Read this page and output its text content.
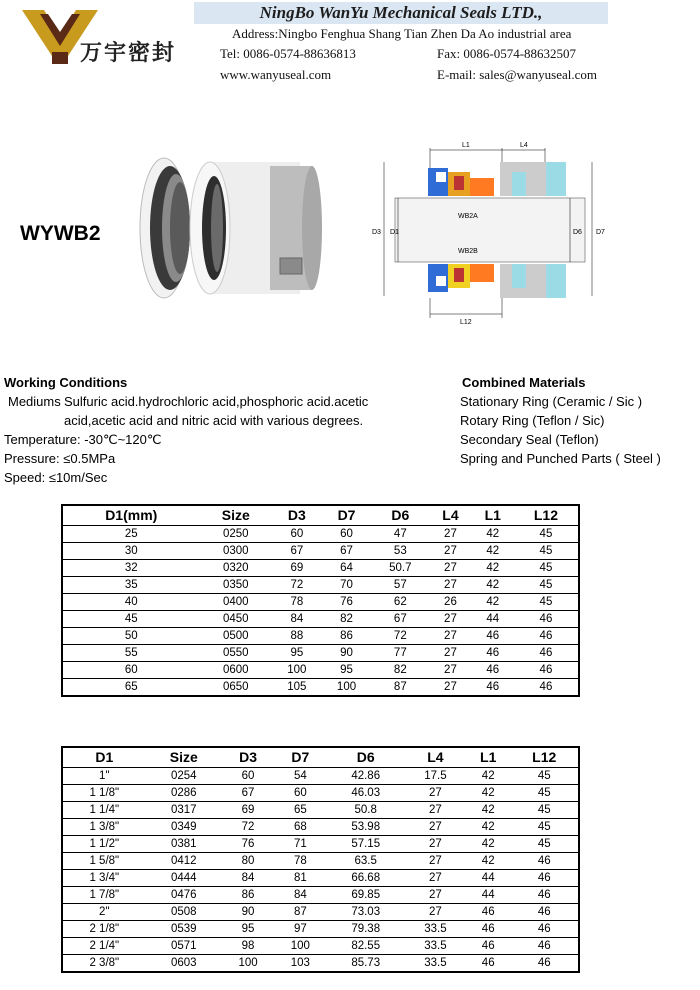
万宇密封
NingBo WanYu Mechanical Seals LTD.,
Address:Ningbo Fenghua Shang Tian Zhen Da Ao industrial area
Tel: 0086-0574-88636813	Fax: 0086-0574-88632507
www.wanyuseal.com	E-mail: sales@wanyuseal.com
WYWB2
L1	L4
WB2A
WB2B
D3 D1	D6 D7
L12
Working Conditions
Mediums Sulfuric acid.hydrochloric acid,phosphoric acid.acetic
acid,acetic acid and nitric acid with various degrees.
Temperature: -30℃~120℃
Pressure: ≤0.5MPa
Speed: ≤10m/Sec
Combined Materials
Stationary Ring (Ceramic / Sic )
Rotary Ring (Teflon / Sic)
Secondary Seal (Teflon)
Spring and Punched Parts ( Steel )
D1(mm)	Size	D3	D7	D6	L4	L1	L12
25	0250	60	60	47	27	42	45
30	0300	67	67	53	27	42	45
32	0320	69	64	50.7	27	42	45
35	0350	72	70	57	27	42	45
40	0400	78	76	62	26	42	45
45	0450	84	82	67	27	44	46
50	0500	88	86	72	27	46	46
55	0550	95	90	77	27	46	46
60	0600	100	95	82	27	46	46
65	0650	105	100	87	27	46	46
D1	Size	D3	D7	D6	L4	L1	L12
1"	0254	60	54	42.86	17.5	42	45
1 1/8"	0286	67	60	46.03	27	42	45
1 1/4"	0317	69	65	50.8	27	42	45
1 3/8"	0349	72	68	53.98	27	42	45
1 1/2"	0381	76	71	57.15	27	42	45
1 5/8"	0412	80	78	63.5	27	42	46
1 3/4"	0444	84	81	66.68	27	44	46
1 7/8"	0476	86	84	69.85	27	44	46
2"	0508	90	87	73.03	27	46	46
2 1/8"	0539	95	97	79.38	33.5	46	46
2 1/4"	0571	98	100	82.55	33.5	46	46
2 3/8"	0603	100	103	85.73	33.5	46	46
